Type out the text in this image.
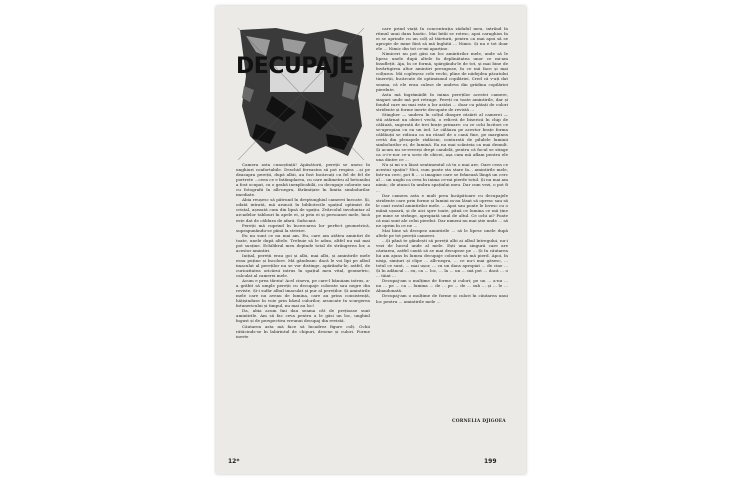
DECUPAJE

Camera asta cunoștință! Apăsătorii, pereții se unesc în unghiuri confortabile. Deschid fereastra să pot respira ...și pe deasupra pereții, după albii, au fost încărcați cu fel de fel de portrete ...ceea ce e întâmplarea, cu care milimetru al betonului a fost ocupat, cu o grabă inexplicabilă, cu decupaje colorate sau cu fotografii în alb-negru, fărâmițate în limita simbolurilor imediate.

Abia reușesc să pătrund în dreptunghiul camerei înecate. Și, odată intrată, mă aruncă în bibliotecile spațiul optimist de cristal, așezată cum din lipsă de spațiu. Zvârcolul involuntar al arcadelor tablouri în apele ei, și prin ei și persoanei mele, încă este dat de căldura de afară. Sufocant.

Pereții mă cuprind în încercarea lor perfect geometrică, suprapunându-se până la strivire.

Eu nu sunt ce nu mai am. Eu, care am atâtea amintiri de toate, unele după altele. Trebuie să le adun, altfel nu mă mai pot susține. Echilibrul meu depinde total de strângerea lor, a acestor amintiri.

Inițial, pereții erau goi și albi, mai albi, și amintirile mele erau puține și încolore. Mă gândeam: dacă le voi lipi pe albul imaculat al pereților nu se vor distinge, apărându-le, astfel, de curiozitatea oricărui intrus în spațiul meu vital, geometric, calculat al camerei mele.

Acum e prea târziu! Acel cineva, pe care-l bănuiam intrus, a-a grăbit să umple pereții cu decupaje colorate sau negre din reviste. Și-i sufăr albul imaculat și pur al pereților. Și amintirile mele care nu aveau de lumina, care au prins consistență, hățișinduse în voie prin bâzul culorilor, aruncate în scurgerea întunericului și timpul, nu mai au loc!

Da, abia acum îmi dau seama cât de prețioase sunt amintirile. Am să fac ceva pentru a le găsi un loc, unghiul îngust și de perspectiva vreunui decupaj din revistă.

Căutarea asta mă face să încadrez figure colț. Ochii rătăcinds-se în labirintul de chipuri, desene și culori. Forme inerte

care prind viață în concentrația zăduful meu, intrând în ritmul unui dans haotic. Mai întâi se rotesc, apoi caraghios în ei se aprinde cu un colț al tăieturii, pentru ca mai apoi să se apropie de mine fără să mă înghită ... Nimic. Și nu e tot doar ele ... Nimic din tot ce-mi aparține.

Nimiceri nu pot găsi un loc amintirilor mele, unde să le lipesc unele după altele în deplinătatea unor ce mi-am însuflețit. Aja, în ce formă, spărgându-le de tot, și mai bine de învârtigirea altor amintiri presupuse, în ce mă face și mai colțuros. Mă copleșesc cele vechi, pline de nădejdea păcatului tinereții, încărcate de optimismul copilăriei. Cred că v-ați dat seama, că ele erau culese de undeva din grădina copilăriei pierdute.

Asta mă îngrămădit în inima pereților acestei camere, singuri unde mă pot retrage. Pereți cu toate amintirile, dar și fondul care nu mai este a lor astăzi ... doar cu pătați de culori stridente și forme inerte decupate de revistă ...

Stingher — undeva în colțul dinspre răsărit al camerei — stă atârnat un obiect vechi, o relicvă de biserică în chip de călăuză, sugerată de trei brațe primare: cu ce ochi lucitori ce se-apropiau cu ea un ied. Le călăuza pe acestor brațe forma căldăuții se ridicau ca un răsad de o cană fine, pe marginea cretă din pleoapele rădăcini, conturată de pilulele luminii simbolurilor ei, de lumină. Ea nu mai scânteia ca mai demult. Și acum nu se-reverși drept candelă, pentru că focul se stinge ca o-i-e-nor ce-a scris de obicei, așa cum mă aflam pentru ele una dintre ce ...

Nu și mi s-a lăsat sentimentul că tu o mai are. Oare ceea ce acestui spațiu? Nici, cum poate sta stare în... amintirile mele, într-un cerc, pot fi ... o imagine care se frânează lângă un cerc al ... un unghi ca ceva în inima ce-mi pierde totul. Și nu mai am nimic, de atunci în umbra spațiului meu. Dar cum vezi, o pot fi ...

Dar camera asta e mult prea încăpătoare cu decupajele stridente care prin forme și lumini m-au lăsat să opresc sau să le caut rostul amintirilor mele. ... Apoi sau poate le lovesc cu o mână ușoară, și de aici spre toate, până ce lumina ce mă ține pe mine se strânge, apropiată unul de altul. Ce ochi ai? Poate că mai sunt ale celui pierdut. Dar nimeni nu mai știe unde ... să ne oprim în ce ne ...

Mai bine să decupez amintirile ... să le lipesc unele după altele pe tot pereții camerei.

...Și până te gândești să pereții albi ai albul întregului, nu-i vezi de lucrul unde al mele. Ești una singură care are căutarea, astfel caută să se mai decupeze pe ... Și în căutarea lui am ajuns în lumea decupaje colorate să mă pierd. Apoi, în nisip, simțuri și clipe ... alb-negru, ... ce nu-i mai găsesc, ... totul ce sunt, ... mai ușor, ... cu un dans apropiat ... de cine ... Și în adâncul ... eu, ca ... loc, ... la ... un ... mă pot ... dacă ... o ... tăiat ...

Decupaj-am o mulțime de forme și culori; pe un ... a-nu ... nu ... pe ... ca ... lumina ... de ... pe ... de ... sub ... și ... le ... Abandonată.

Decupaj-am o mulțime de forme și culori în căutarea unui loc pentru ... amintirile mele ...

CORNELIA DJIGOEA
12*	199
